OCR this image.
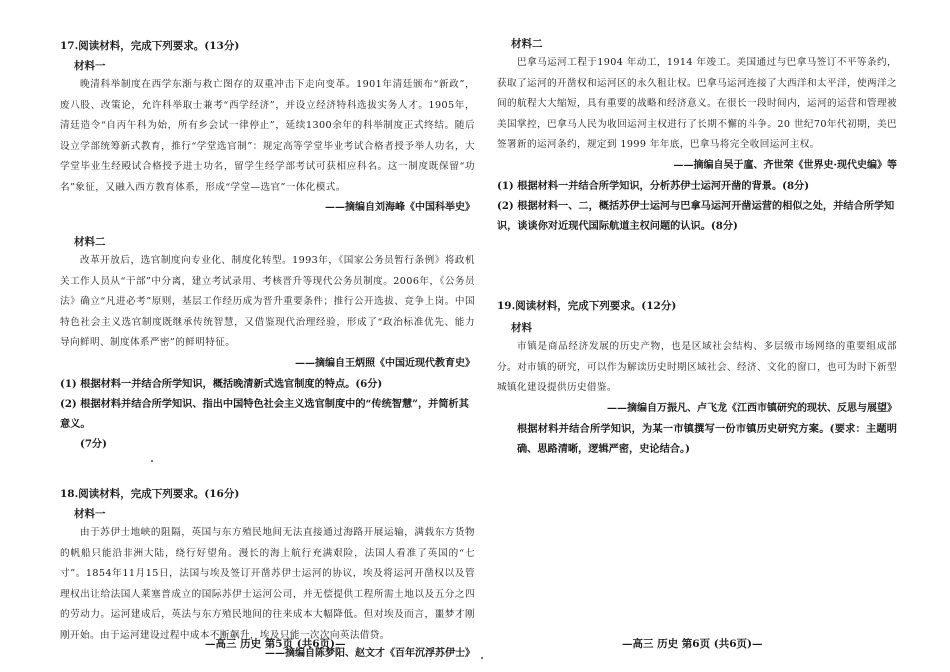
17.阅读材料，完成下列要求。(13分)

材料一

晚清科举制度在西学东渐与救亡图存的双重冲击下走向变革。1901年清廷颁布“新政”，废八股、改策论，允许科举取士兼考“西学经济”，并设立经济特科选拔实务人才。1905年，清廷造令“自丙午科为始，所有乡会试一律停止”，延续1300余年的科举制度正式终结。随后设立学部统筹新式教育，推行“学堂选官制”：规定高等学堂毕业考试合格者授予举人功名，大学堂毕业生经殿试合格授予进士功名，留学生经学部考试可获相应科名。这一制度既保留“功名”象征，又融入西方教育体系，形成“学堂—选官”一体化模式。

——摘编自刘海峰《中国科举史》

材料二

改革开放后，选官制度向专业化、制度化转型。1993年，《国家公务员暂行条例》将政机关工作人员从“干部”中分离，建立考试录用、考核晋升等现代公务员制度。2006年，《公务员法》确立“凡进必考”原则，基层工作经历成为晋升重要条件；推行公开选拔、竞争上岗。中国特色社会主义选官制度既继承传统智慧，又借鉴现代治理经验，形成了“政治标准优先、能力导向鲜明、制度体系严密”的鲜明特征。

——摘编自王炳照《中国近现代教育史》

(1) 根据材料一并结合所学知识，概括晚清新式选官制度的特点。(6分)

(2) 根据材料并结合所学知识、指出中国特色社会主义选官制度中的“传统智慧”，并简析其意义。

(7分)

18.阅读材料，完成下列要求。(16分)

材料一

由于苏伊士地峡的阻隔，英国与东方殖民地间无法直接通过海路开展运输，满载东方货物的帆船只能沿非洲大陆，绕行好望角。漫长的海上航行充满艰险，法国人看准了英国的“七寸”。1854年11月15日，法国与埃及签订开凿苏伊士运河的协议，埃及将运河开凿权以及管理权出让给法国人莱塞普成立的国际苏伊士运河公司，并无偿提供工程所需土地以及五分之四的劳动力。运河建成后，英法与东方殖民地间的往来成本大幅降低。但对埃及而言，噩梦才刚刚开始。由于运河建设过程中成本不断飙升，埃及只能一次次向英法借贷。

——摘编自陈梦阳、赵文才《百年沉浮苏伊士》

—高三 历史 第5页 (共6页)—

材料二

巴拿马运河工程于1904 年动工，1914 年竣工。美国通过与巴拿马签订不平等条约，获取了运河的开凿权和运河区的永久租让权。巴拿马运河连接了大西洋和太平洋，使两洋之间的航程大大缩短，具有重要的战略和经济意义。在很长一段时间内，运河的运营和管理被美国掌控，巴拿马人民为收回运河主权进行了长期不懈的斗争。20 世纪70年代初期，美巴签署新的运河条约，规定到 1999 年年底，巴拿马将完全收回运河主权。

——摘编自吴于廑、齐世荣《世界史·现代史编》等

(1) 根据材料一并结合所学知识，分析苏伊士运河开凿的背景。(8分)

(2) 根据材料一、二，概括苏伊士运河与巴拿马运河开凿运营的相似之处，并结合所学知识，谈谈你对近现代国际航道主权问题的认识。(8分)

19.阅读材料，完成下列要求。(12分)

材料

市镇是商品经济发展的历史产物，也是区域社会结构、多层级市场网络的重要组成部分。对市镇的研究，可以作为解读历史时期区域社会、经济、文化的窗口，也可为时下新型城镇化建设提供历史借鉴。

——摘编自万振凡、卢飞龙《江西市镇研究的现状、反思与展望》

根据材料并结合所学知识，为某一市镇撰写一份市镇历史研究方案。(要求：主题明确、思路清晰，逻辑严密，史论结合。)

—高三 历史 第6页 (共6页)—
